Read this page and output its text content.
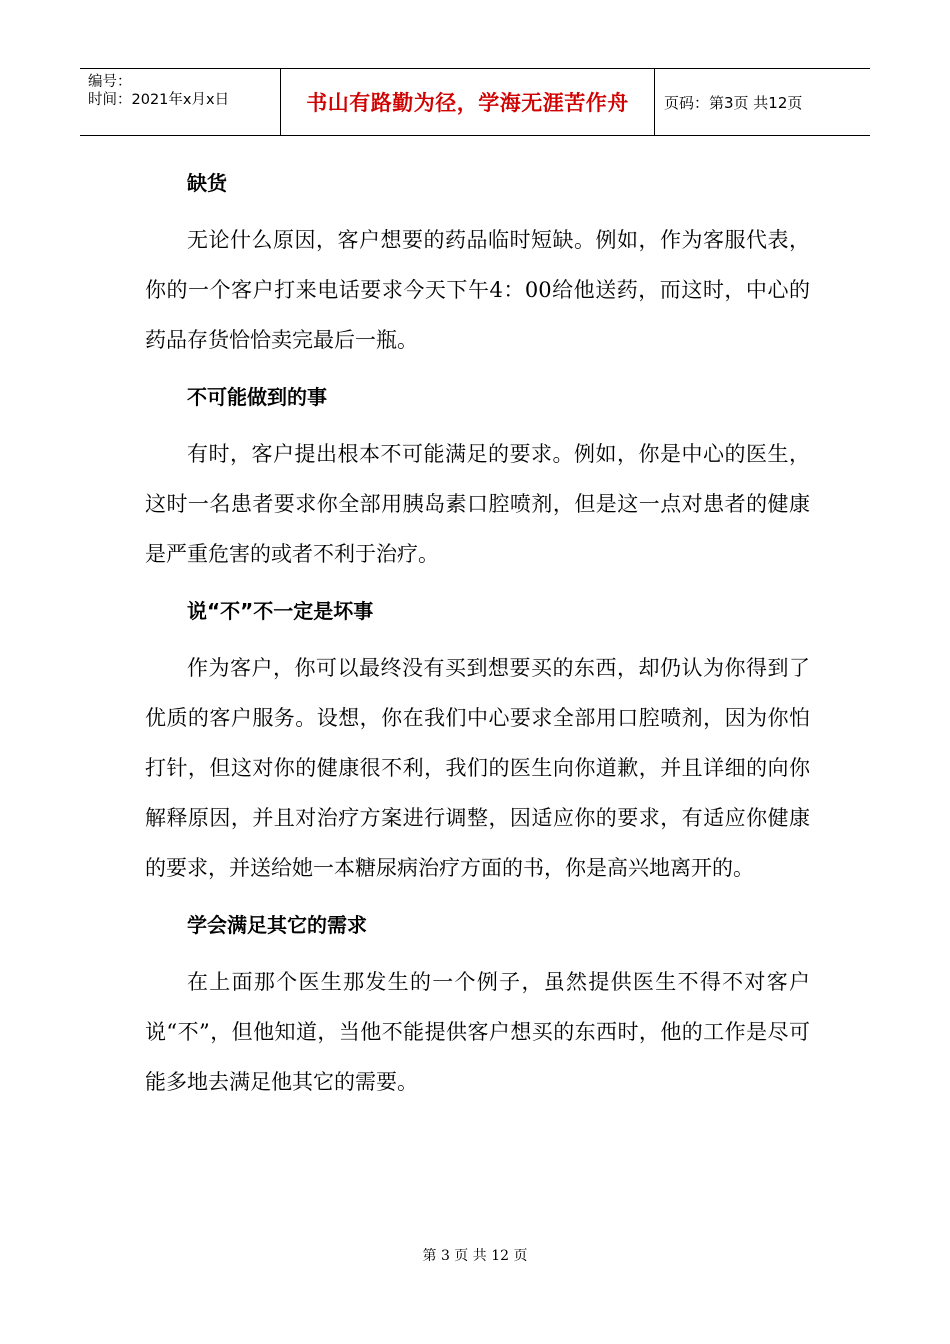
编号：
时间：2021年x月x日	书山有路勤为径，学海无涯苦作舟	页码：第3页 共12页
缺货

无论什么原因，客户想要的药品临时短缺。例如，作为客服代表，你的一个客户打来电话要求今天下午4：00给他送药，而这时，中心的药品存货恰恰卖完最后一瓶。

不可能做到的事

有时，客户提出根本不可能满足的要求。例如，你是中心的医生，这时一名患者要求你全部用胰岛素口腔喷剂，但是这一点对患者的健康是严重危害的或者不利于治疗。

说“不”不一定是坏事

作为客户，你可以最终没有买到想要买的东西，却仍认为你得到了优质的客户服务。设想，你在我们中心要求全部用口腔喷剂，因为你怕打针，但这对你的健康很不利，我们的医生向你道歉，并且详细的向你解释原因，并且对治疗方案进行调整，因适应你的要求，有适应你健康的要求，并送给她一本糖尿病治疗方面的书，你是高兴地离开的。

学会满足其它的需求

在上面那个医生那发生的一个例子，虽然提供医生不得不对客户说“不”，但他知道，当他不能提供客户想买的东西时，他的工作是尽可能多地去满足他其它的需要。

第 3 页 共 12 页
